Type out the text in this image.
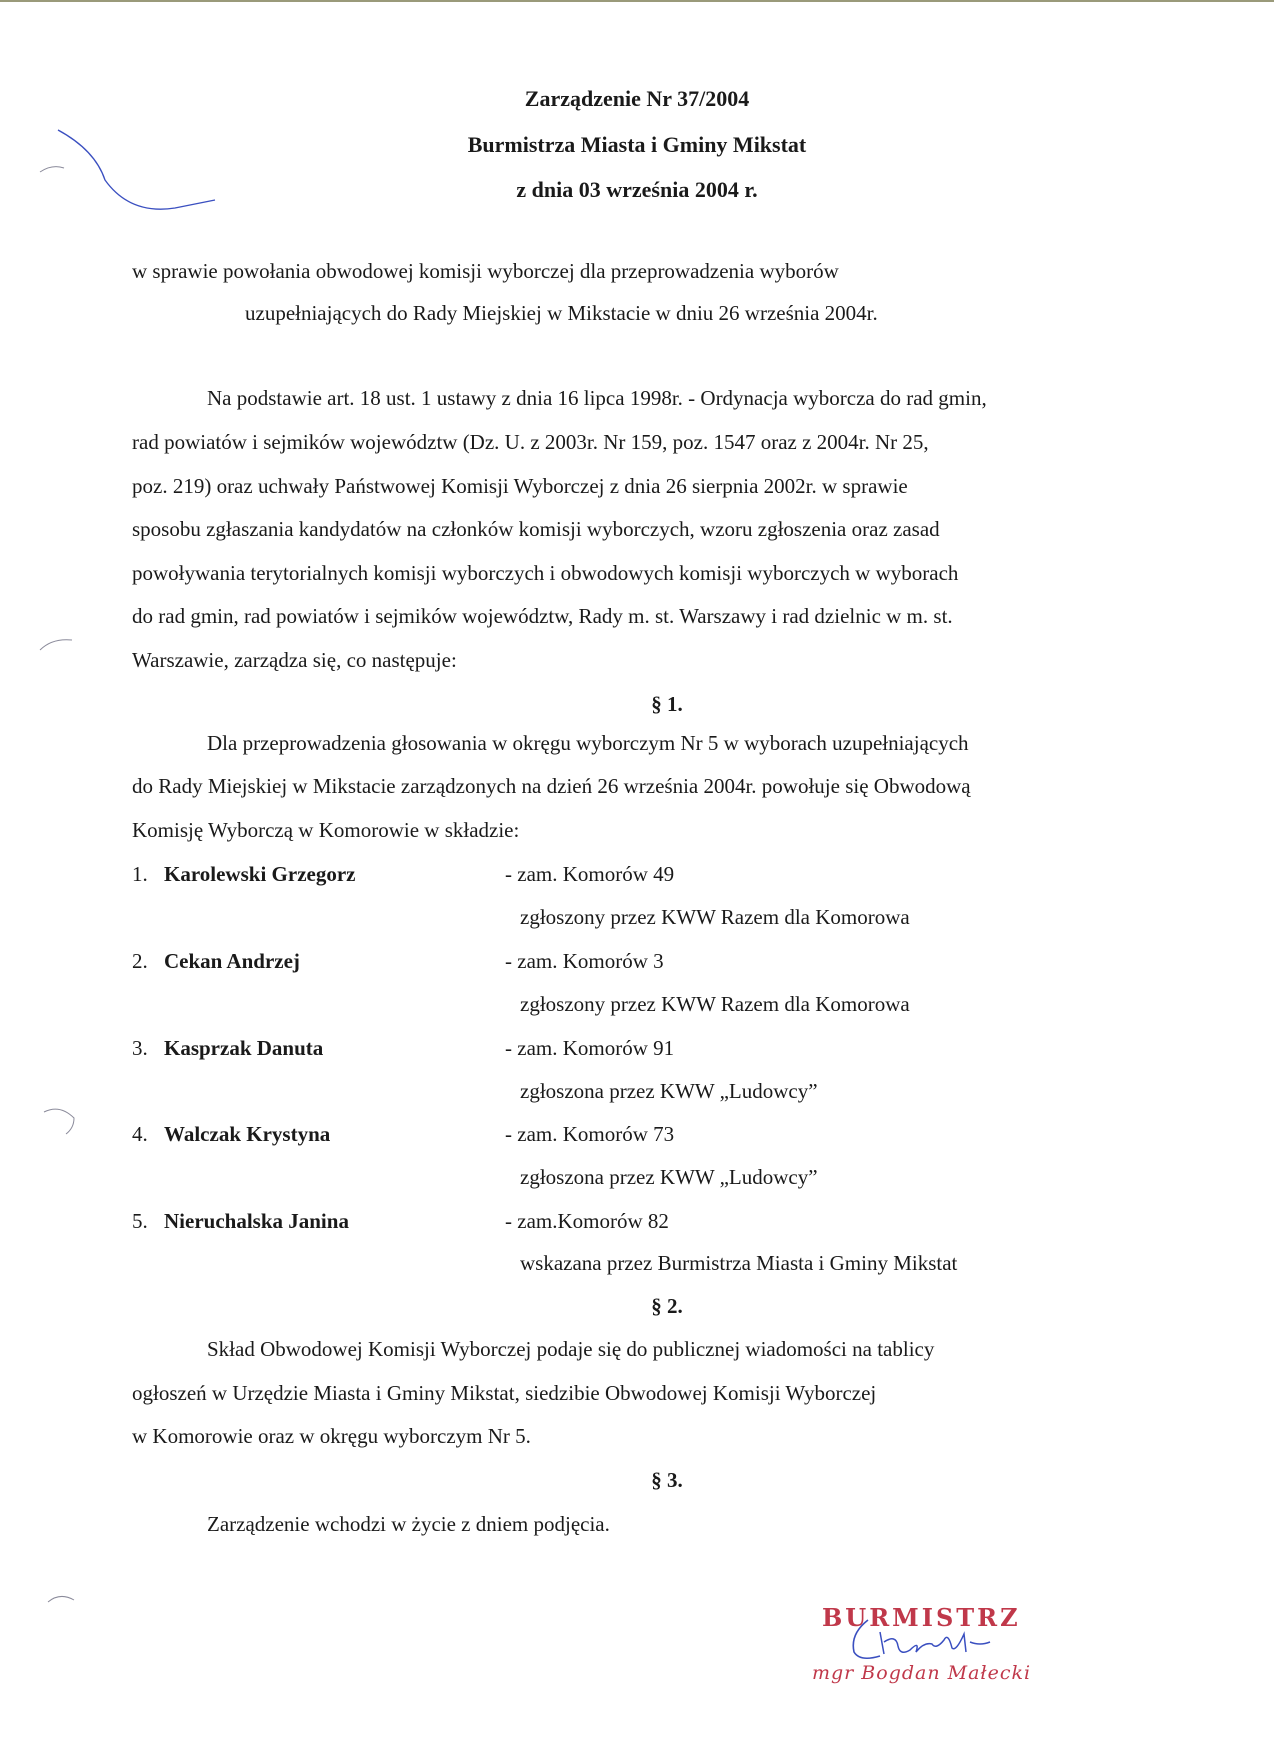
Zarządzenie Nr 37/2004
Burmistrza Miasta i Gminy Mikstat
z dnia 03 września 2004 r.
w sprawie powołania obwodowej komisji wyborczej dla przeprowadzenia wyborów
uzupełniających do Rady Miejskiej w Mikstacie w dniu 26 września 2004r.
Na podstawie art. 18 ust. 1 ustawy z dnia 16 lipca 1998r. - Ordynacja wyborcza do rad gmin,
rad powiatów i sejmików województw (Dz. U. z 2003r. Nr 159, poz. 1547 oraz z 2004r. Nr 25,
poz. 219) oraz uchwały Państwowej Komisji Wyborczej z dnia 26 sierpnia 2002r. w sprawie
sposobu zgłaszania kandydatów na członków komisji wyborczych, wzoru zgłoszenia oraz zasad
powoływania terytorialnych komisji wyborczych i obwodowych komisji wyborczych w wyborach
do rad gmin, rad powiatów i sejmików województw, Rady m. st. Warszawy i rad dzielnic w m. st.
Warszawie, zarządza się, co następuje:
§ 1.
Dla przeprowadzenia głosowania w okręgu wyborczym Nr 5 w wyborach uzupełniających
do Rady Miejskiej w Mikstacie zarządzonych na dzień 26 września 2004r. powołuje się Obwodową
Komisję Wyborczą w Komorowie w składzie:
1. Karolewski Grzegorz	- zam. Komorów 49
zgłoszony przez KWW Razem dla Komorowa
2. Cekan Andrzej	- zam. Komorów 3
zgłoszony przez KWW Razem dla Komorowa
3. Kasprzak Danuta	- zam. Komorów 91
zgłoszona przez KWW „Ludowcy”
4. Walczak Krystyna	- zam. Komorów 73
zgłoszona przez KWW „Ludowcy”
5. Nieruchalska Janina	- zam.Komorów 82
wskazana przez Burmistrza Miasta i Gminy Mikstat
§ 2.
Skład Obwodowej Komisji Wyborczej podaje się do publicznej wiadomości na tablicy
ogłoszeń w Urzędzie Miasta i Gminy Mikstat, siedzibie Obwodowej Komisji Wyborczej
w Komorowie oraz w okręgu wyborczym Nr 5.
§ 3.
Zarządzenie wchodzi w życie z dniem podjęcia.
BURMISTRZ
mgr Bogdan Małecki
